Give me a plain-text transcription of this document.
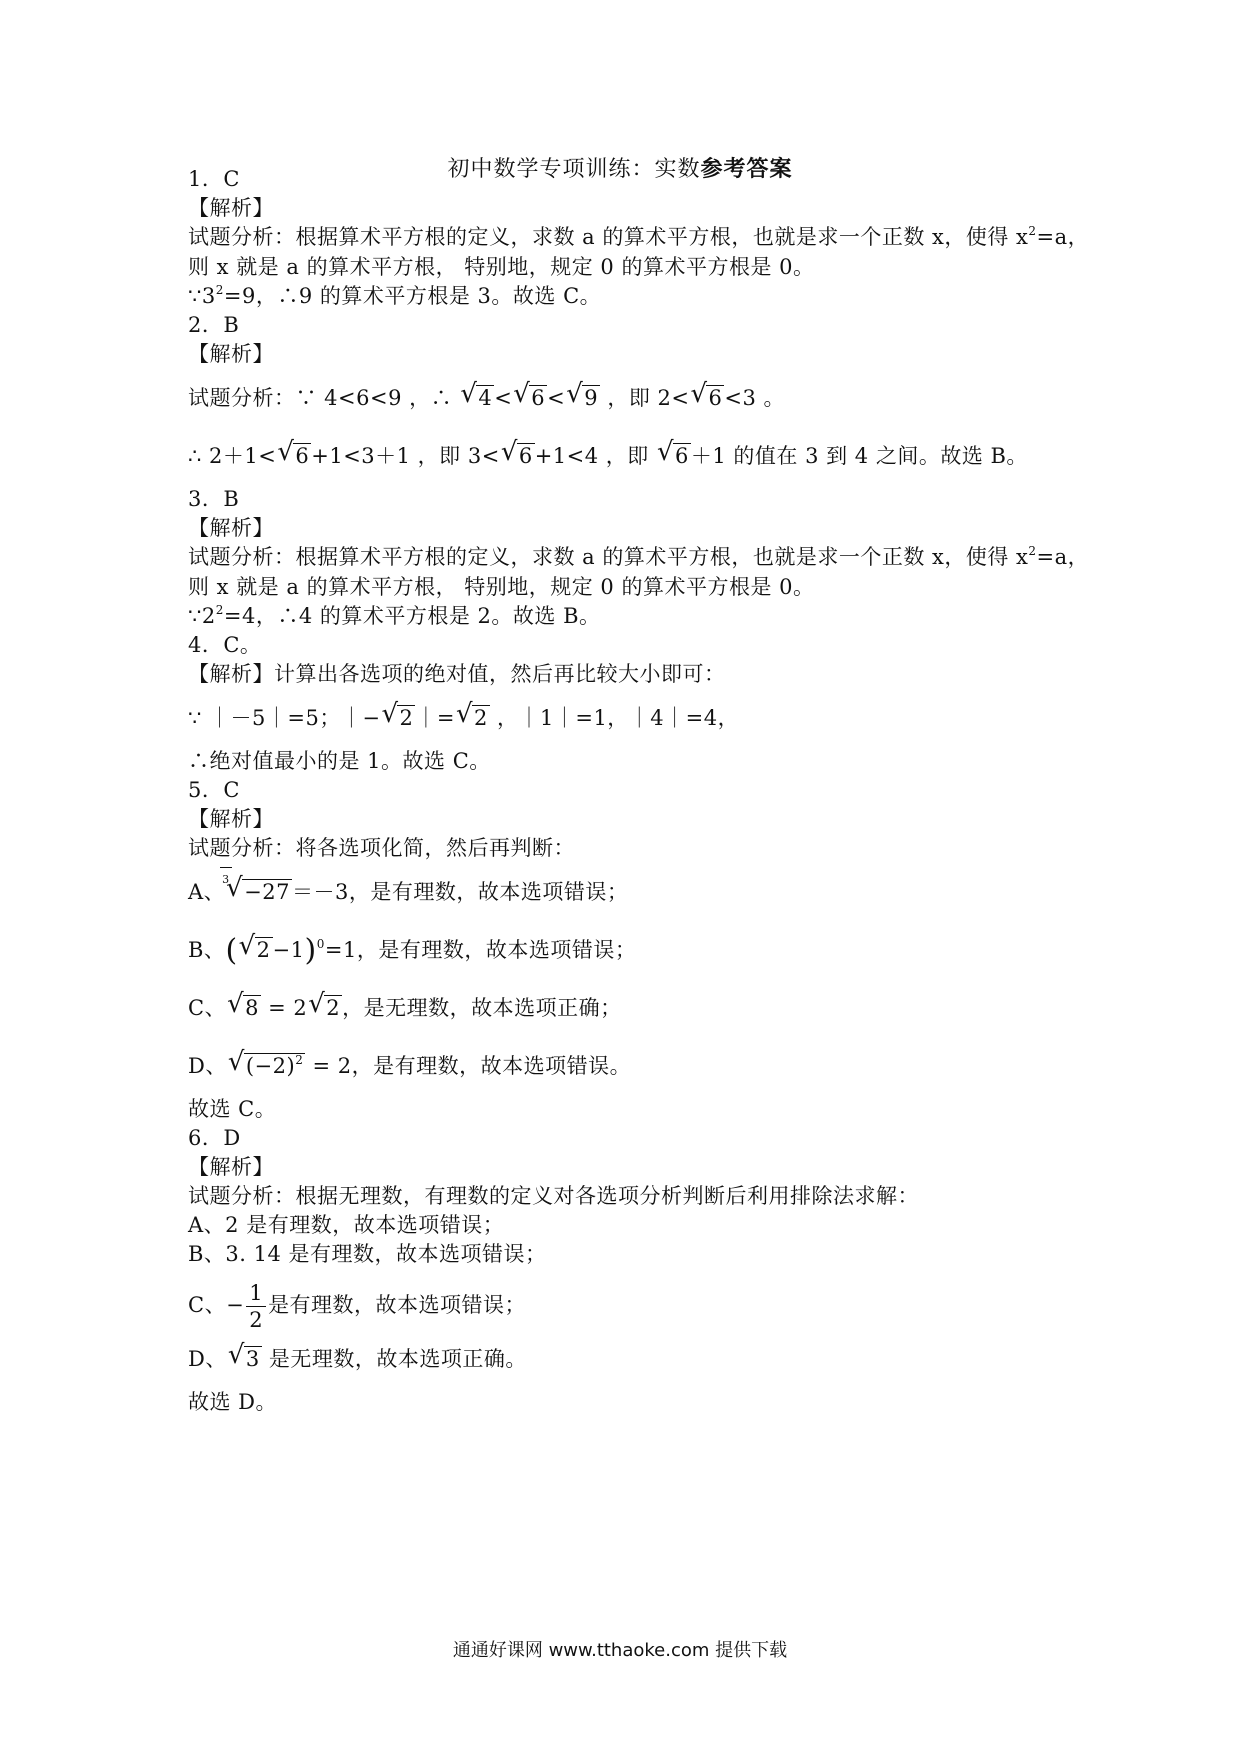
初中数学专项训练：实数参考答案
1．C
【解析】
试题分析：根据算术平方根的定义，求数 a 的算术平方根，也就是求一个正数 x，使得 $x^2=a$，
则 x 就是 a 的算术平方根， 特别地，规定 0 的算术平方根是 0。
$\because 3^2=9$，∴9 的算术平方根是 3。故选 C。
2．B
【解析】
试题分析：∵ 4<6<9 ，∴ √ 4< √ 6< √ 9 ，即 2< √ 6<3 。
∴ 2＋1< √ 6+1<3＋1 ，即 3< √ 6+1<4 ，即 √ 6＋1 的值在 3 到 4 之间。故选 B。
3．B
【解析】
试题分析：根据算术平方根的定义，求数 a 的算术平方根，也就是求一个正数 x，使得 $x^2=a$，
则 x 就是 a 的算术平方根， 特别地，规定 0 的算术平方根是 0。
$\because 2^2=4$，∴4 的算术平方根是 2。故选 B。
4．C。
【解析】计算出各选项的绝对值，然后再比较大小即可：
∵ ｜－5｜=5；｜− √ 2｜= √ 2 ，｜1｜=1，｜4｜=4，
∴绝对值最小的是 1。故选 C。
5．C
【解析】
试题分析：将各选项化简，然后再判断：
A、
√ 3
−27＝－3，是有理数，故本选项错误；
B、( √ 2−1)$^0$=1，是有理数，故本选项错误；
C、 √ 8 = 2 √ 2，是无理数，故本选项正确；
D、 √ $(-2)^2 = 2$，是有理数，故本选项错误。
故选 C。
6．D
【解析】
试题分析：根据无理数，有理数的定义对各选项分析判断后利用排除法求解：
A、2 是有理数，故本选项错误；
B、3. 14 是有理数，故本选项错误；
C、− $\frac{1}{2}$ 是有理数，故本选项错误；
D、 √ 3 是无理数，故本选项正确。
故选 D。
通通好课网 www.tthaoke.com 提供下载
